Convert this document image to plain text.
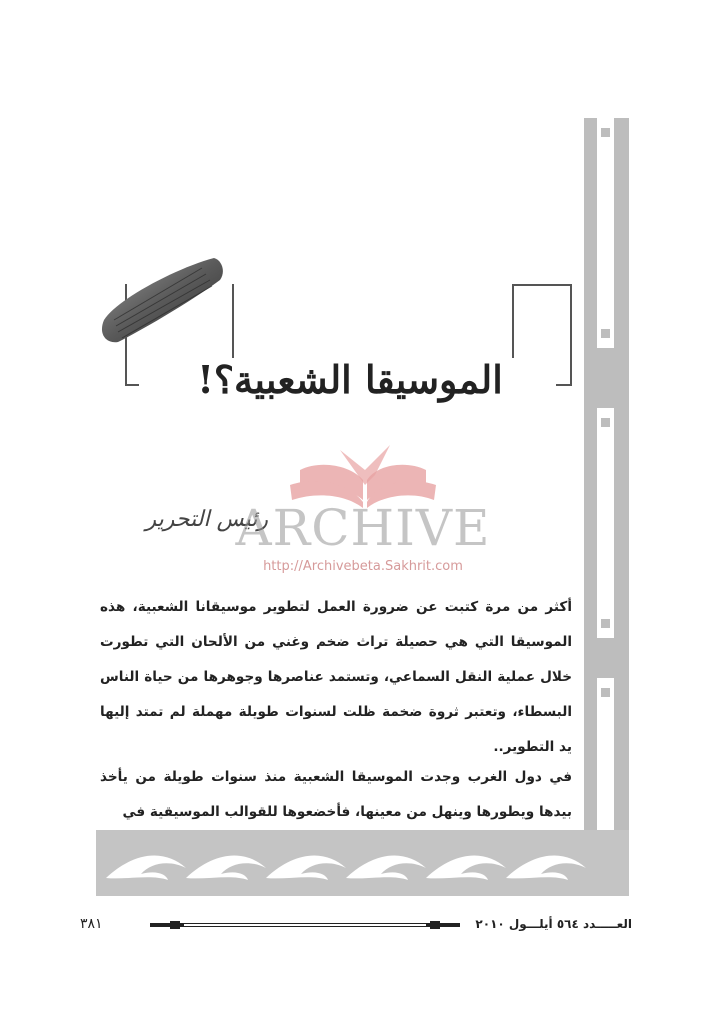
الموسيقا الشعبية؟!
رئيس التحرير
ARCHIVE
http://Archivebeta.Sakhrit.com
أكثر من مرة كتبت عن ضرورة العمل لتطوير موسيقانا الشعبية، هذه الموسيقا التي هي حصيلة تراث ضخم وغني من الألحان التي تطورت خلال عملية النقل السماعي، وتستمد عناصرها وجوهرها من حياة الناس البسطاء، وتعتبر ثروة ضخمة ظلت لسنوات طويلة مهملة لم تمتد إليها يد التطوير..
في دول الغرب وجدت الموسيقا الشعبية منذ سنوات طويلة من يأخذ بيدها ويطورها وينهل من معينها، فأخضعوها للقوالب الموسيقية في
٣٨١	العـــــدد ٥٦٤ أيلـــول ٢٠١٠
